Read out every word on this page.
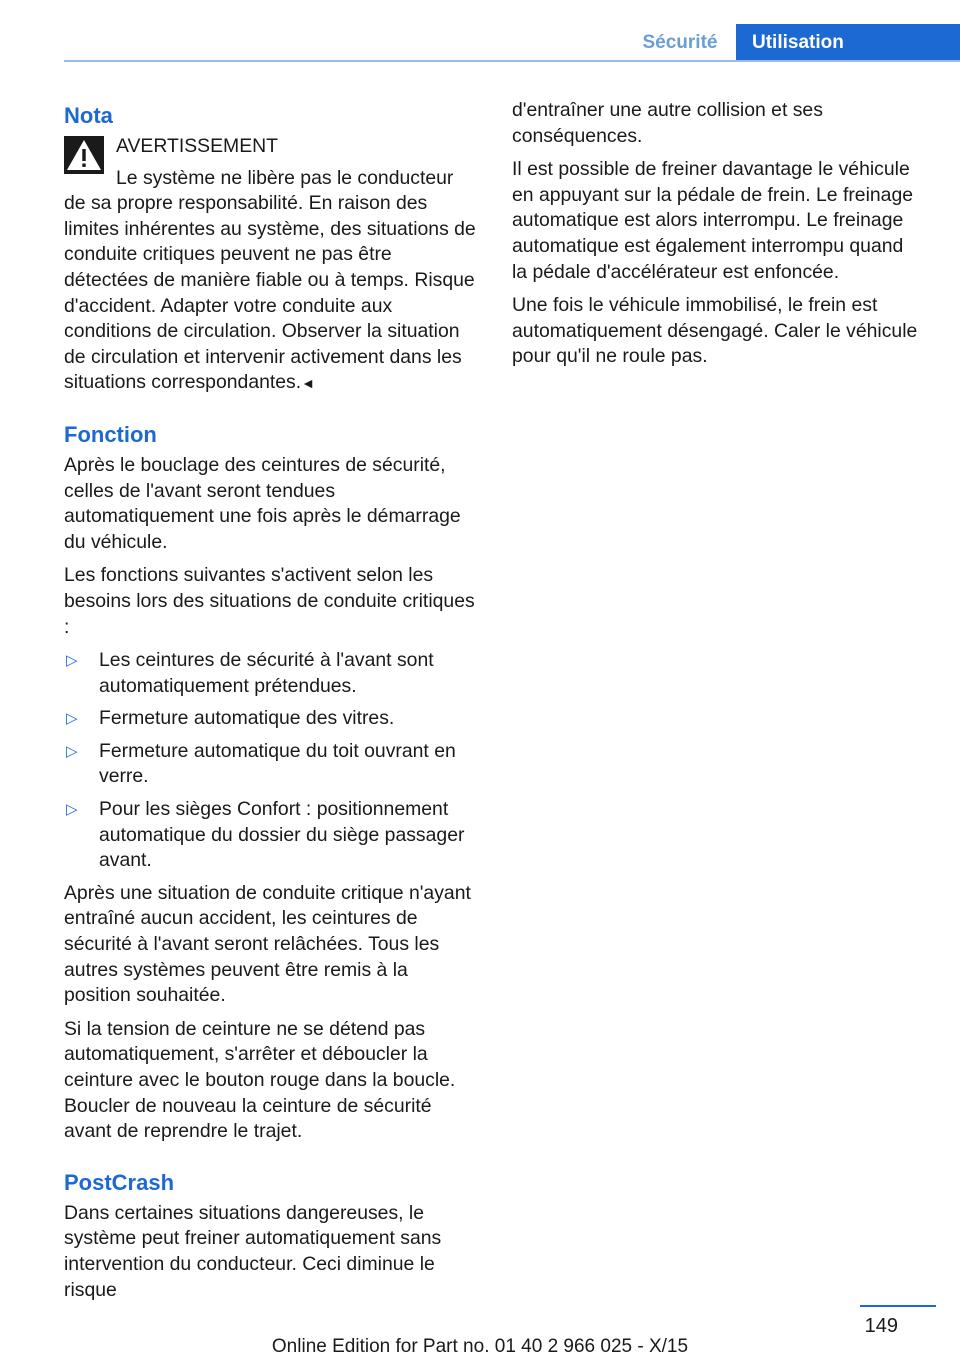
Sécurité	Utilisation
Nota
AVERTISSEMENT

Le système ne libère pas le conducteur de sa propre responsabilité. En raison des limites inhérentes au système, des situations de conduite critiques peuvent ne pas être détectées de manière fiable ou à temps. Risque d'accident. Adapter votre conduite aux conditions de circulation. Observer la situation de circulation et intervenir activement dans les situations correspondantes.◄

Fonction

Après le bouclage des ceintures de sécurité, celles de l'avant seront tendues automatiquement une fois après le démarrage du véhicule.

Les fonctions suivantes s'activent selon les besoins lors des situations de conduite critiques :

▷ Les ceintures de sécurité à l'avant sont automatiquement prétendues.
▷ Fermeture automatique des vitres.
▷ Fermeture automatique du toit ouvrant en verre.
▷ Pour les sièges Confort : positionnement automatique du dossier du siège passager avant.

Après une situation de conduite critique n'ayant entraîné aucun accident, les ceintures de sécurité à l'avant seront relâchées. Tous les autres systèmes peuvent être remis à la position souhaitée.

Si la tension de ceinture ne se détend pas automatiquement, s'arrêter et déboucler la ceinture avec le bouton rouge dans la boucle. Boucler de nouveau la ceinture de sécurité avant de reprendre le trajet.

PostCrash

Dans certaines situations dangereuses, le système peut freiner automatiquement sans intervention du conducteur. Ceci diminue le risque

d'entraîner une autre collision et ses conséquences.

Il est possible de freiner davantage le véhicule en appuyant sur la pédale de frein. Le freinage automatique est alors interrompu. Le freinage automatique est également interrompu quand la pédale d'accélérateur est enfoncée.

Une fois le véhicule immobilisé, le frein est automatiquement désengagé. Caler le véhicule pour qu'il ne roule pas.

149
Online Edition for Part no. 01 40 2 966 025 - X/15
